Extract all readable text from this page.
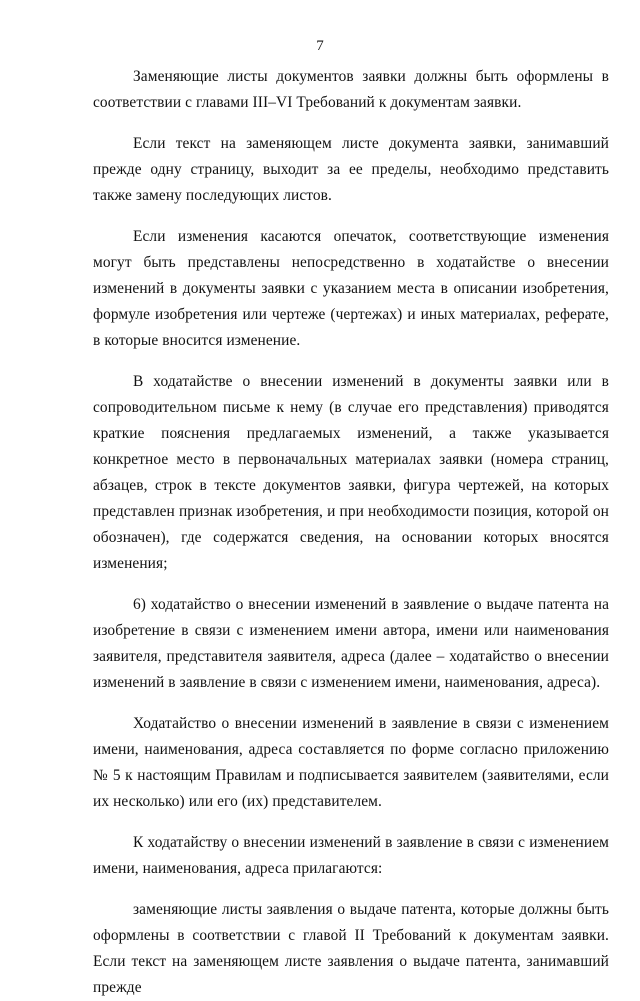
7

Заменяющие листы документов заявки должны быть оформлены в соответствии с главами III–VI Требований к документам заявки.

Если текст на заменяющем листе документа заявки, занимавший прежде одну страницу, выходит за ее пределы, необходимо представить также замену последующих листов.

Если изменения касаются опечаток, соответствующие изменения могут быть представлены непосредственно в ходатайстве о внесении изменений в документы заявки с указанием места в описании изобретения, формуле изобретения или чертеже (чертежах) и иных материалах, реферате, в которые вносится изменение.

В ходатайстве о внесении изменений в документы заявки или в сопроводительном письме к нему (в случае его представления) приводятся краткие пояснения предлагаемых изменений, а также указывается конкретное место в первоначальных материалах заявки (номера страниц, абзацев, строк в тексте документов заявки, фигура чертежей, на которых представлен признак изобретения, и при необходимости позиция, которой он обозначен), где содержатся сведения, на основании которых вносятся изменения;

6) ходатайство о внесении изменений в заявление о выдаче патента на изобретение в связи с изменением имени автора, имени или наименования заявителя, представителя заявителя, адреса (далее – ходатайство о внесении изменений в заявление в связи с изменением имени, наименования, адреса).

Ходатайство о внесении изменений в заявление в связи с изменением имени, наименования, адреса составляется по форме согласно приложению № 5 к настоящим Правилам и подписывается заявителем (заявителями, если их несколько) или его (их) представителем.

К ходатайству о внесении изменений в заявление в связи с изменением имени, наименования, адреса прилагаются:

заменяющие листы заявления о выдаче патента, которые должны быть оформлены в соответствии с главой II Требований к документам заявки. Если текст на заменяющем листе заявления о выдаче патента, занимавший прежде
